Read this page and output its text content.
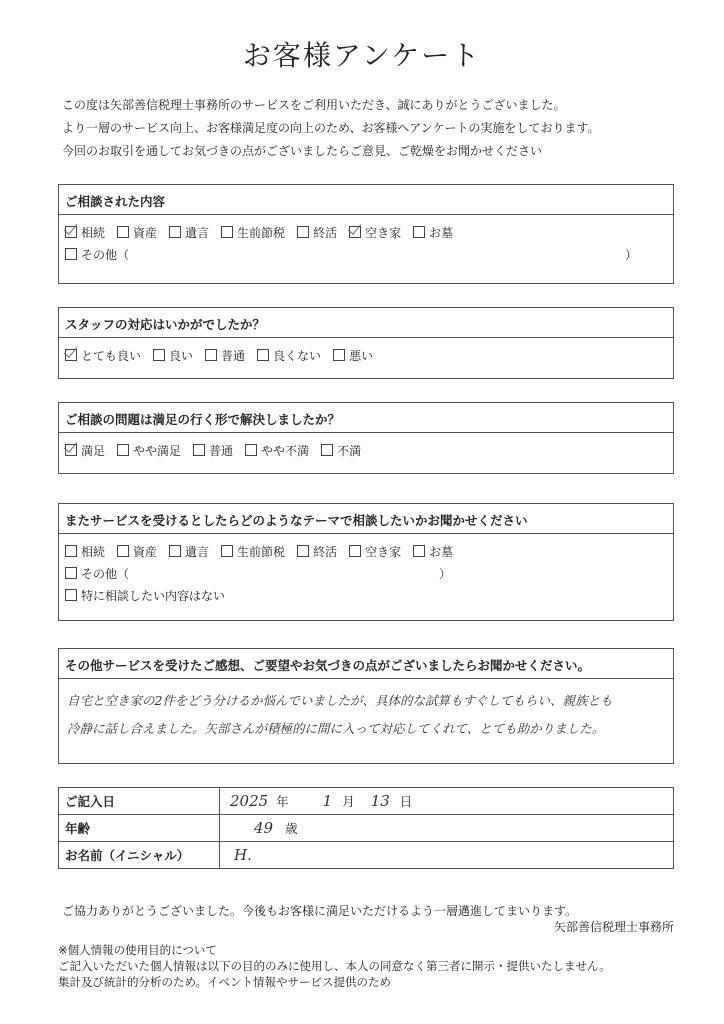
お客様アンケート
この度は矢部善信税理士事務所のサービスをご利用いただき、誠にありがとうございました。
より一層のサービス向上、お客様満足度の向上のため、お客様へアンケートの実施をしております。
今回のお取引を通してお気づきの点がございましたらご意見、ご乾燥をお聞かせください
ご相談された内容
相続 資産 遺言 生前節税 終活 空き家 お墓
その他（	）
スタッフの対応はいかがでしたか？
とても良い 良い 普通 良くない 悪い
ご相談の問題は満足の行く形で解決しましたか？
満足 やや満足 普通 やや不満 不満
またサービスを受けるとしたらどのようなテーマで相談したいかお聞かせください
相続 資産 遺言 生前節税 終活 空き家 お墓
その他（	）
特に相談したい内容はない
その他サービスを受けたご感想、ご要望やお気づきの点がございましたらお聞かせください。
自宅と空き家の2件をどう分けるか悩んでいましたが、具体的な試算もすぐしてもらい、親族とも
冷静に話し合えました。矢部さんが積極的に間に入って対応してくれて、とても助かりました。
ご記入日	2025 年 1 月 13 日
年齢	49 歳
お名前（イニシャル）	H.
ご協力ありがとうございました。今後もお客様に満足いただけるよう一層邁進してまいります。
矢部善信税理士事務所
※個人情報の使用目的について
ご記入いただいた個人情報は以下の目的のみに使用し、本人の同意なく第三者に開示・提供いたしません。
集計及び統計的分析のため。イベント情報やサービス提供のため
